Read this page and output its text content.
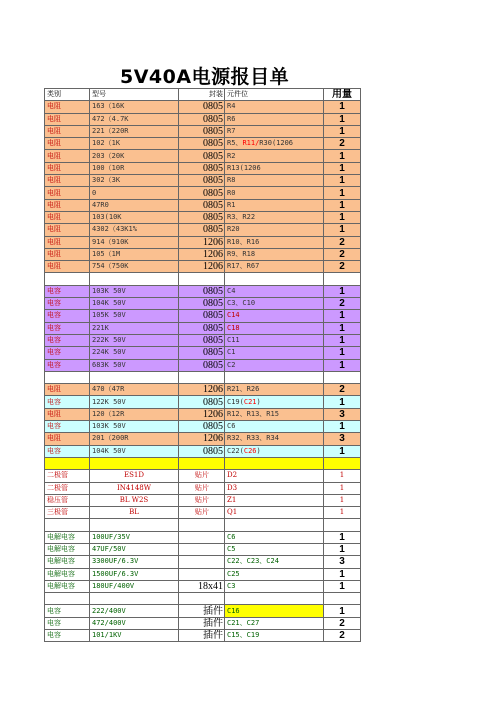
5V40A电源报目单
类别	型号	封装	元件位	用量
电阻	163（16K	0805	R4	1
电阻	472（4.7K	0805	R6	1
电阻	221（220R	0805	R7	1
电阻	102（1K	0805	R5、R11/R30(1206	2
电阻	203（20K	0805	R2	1
电阻	100（10R	0805	R13(1206	1
电阻	302（3K	0805	R8	1
电阻	0	0805	R0	1
电阻	47R0	0805	R1	1
电阻	103(10K	0805	R3、R22	1
电阻	4302（43K1%	0805	R20	1
电阻	914（910K	1206	R10、R16	2
电阻	105（1M	1206	R9、R18	2
电阻	754（750K	1206	R17、R67	2

电容	103K 50V	0805	C4	1
电容	104K 50V	0805	C3、C10	2
电容	105K 50V	0805	C14	1
电容	221K	0805	C18	1
电容	222K 50V	0805	C11	1
电容	224K 50V	0805	C1	1
电容	683K 50V	0805	C2	1

电阻	470（47R	1206	R21、R26	2
电容	122K 50V	0805	C19(C21)	1
电阻	120（12R	1206	R12、R13、R15	3
电容	103K 50V	0805	C6	1
电阻	201（200R	1206	R32、R33、R34	3
电容	104K 50V	0805	C22(C26)	1

二极管	ES1D	贴片	D2	1
二极管	IN4148W	贴片	D3	1
稳压管	BL W2S	贴片	Z1	1
三极管	BL	贴片	Q1	1

电解电容	100UF/35V		C6	1
电解电容	47UF/50V		C5	1
电解电容	3300UF/6.3V		C22、C23、C24	3
电解电容	1500UF/6.3V		C25	1
电解电容	180UF/400V	18x41	C3	1

电容	222/400V	插件	C16	1
电容	472/400V	插件	C21、C27	2
电容	101/1KV	插件	C15、C19	2
